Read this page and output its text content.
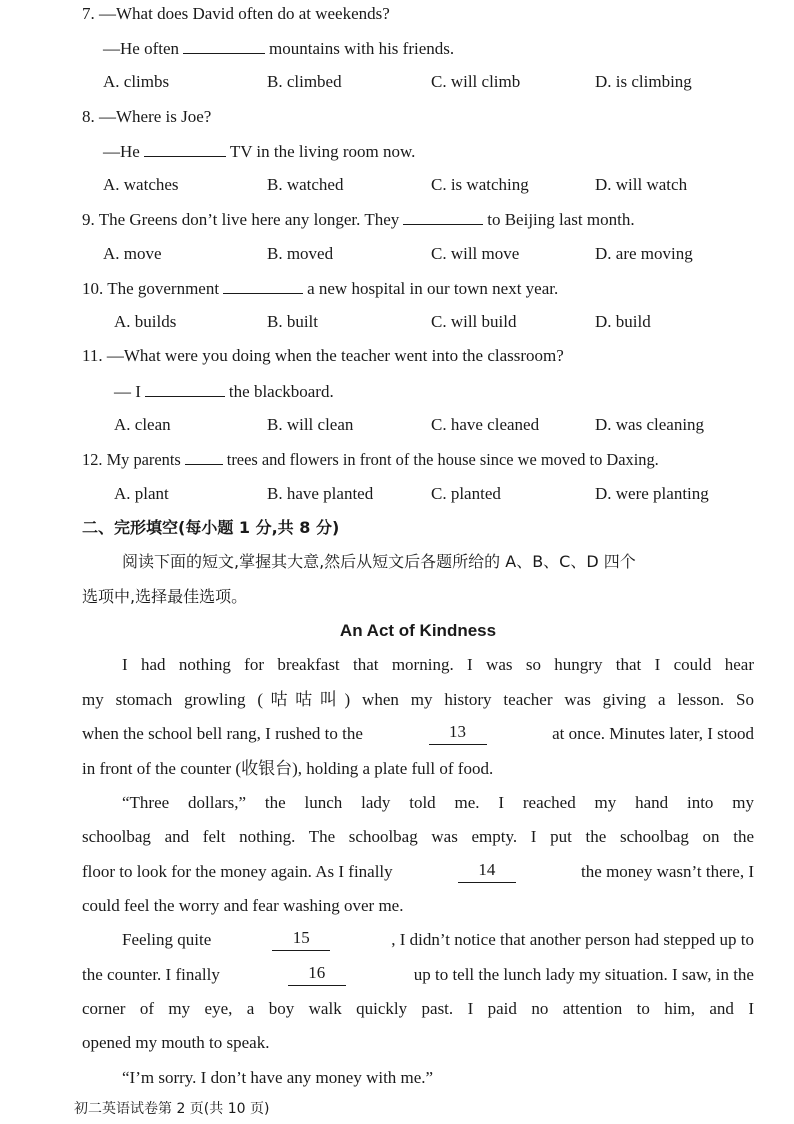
7. —What does David often do at weekends?
—He often	mountains with his friends.
A. climbs	B. climbed	C. will climb	D. is climbing
8. —Where is Joe?
—He	TV in the living room now.
A. watches	B. watched	C. is watching	D. will watch
9. The Greens don’t live here any longer. They	to Beijing last month.
A. move	B. moved	C. will move	D. are moving
10. The government	a new hospital in our town next year.
A. builds	B. built	C. will build	D. build
11. —What were you doing when the teacher went into the classroom?
— I	the blackboard.
A. clean	B. will clean	C. have cleaned	D. was cleaning
12. My parents	trees and flowers in front of the house since we moved to Daxing.
A. plant	B. have planted	C. planted	D. were planting
二、完形填空(每小题 1 分,共 8 分)
阅读下面的短文,掌握其大意,然后从短文后各题所给的 A、B、C、D 四个
选项中,选择最佳选项。
An Act of Kindness
I had nothing for breakfast that morning. I was so hungry that I could hear
my stomach growling (咕咕叫) when my history teacher was giving a lesson. So
when the school bell rang, I rushed to the	13	at once. Minutes later, I stood
in front of the counter (收银台), holding a plate full of food.
“Three dollars,” the lunch lady told me. I reached my hand into my
schoolbag and felt nothing. The schoolbag was empty. I put the schoolbag on the
floor to look for the money again. As I finally	14	the money wasn’t there, I
could feel the worry and fear washing over me.
Feeling quite	15	, I didn’t notice that another person had stepped up to
the counter. I finally	16	up to tell the lunch lady my situation. I saw, in the
corner of my eye, a boy walk quickly past. I paid no attention to him, and I
opened my mouth to speak.
“I’m sorry. I don’t have any money with me.”
初二英语试卷第 2 页(共 10 页)
